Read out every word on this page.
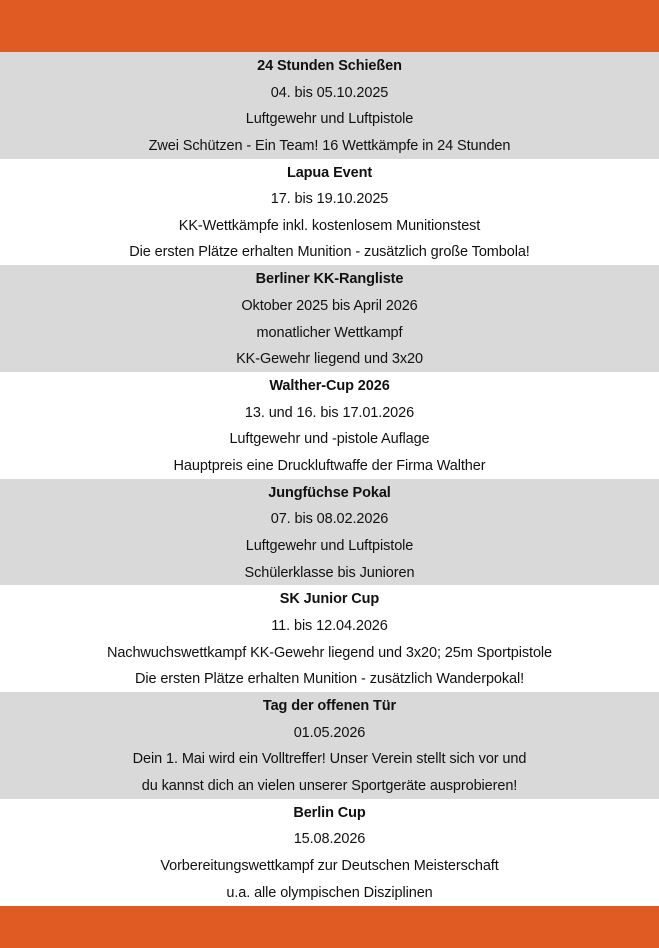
24 Stunden Schießen
04. bis 05.10.2025
Luftgewehr und Luftpistole
Zwei Schützen - Ein Team! 16 Wettkämpfe in 24 Stunden
Lapua Event
17. bis 19.10.2025
KK-Wettkämpfe inkl. kostenlosem Munitionstest
Die ersten Plätze erhalten Munition - zusätzlich große Tombola!
Berliner KK-Rangliste
Oktober 2025 bis April 2026
monatlicher Wettkampf
KK-Gewehr liegend und 3x20
Walther-Cup 2026
13. und 16. bis 17.01.2026
Luftgewehr und -pistole Auflage
Hauptpreis eine Druckluftwaffe der Firma Walther
Jungfüchse Pokal
07. bis 08.02.2026
Luftgewehr und Luftpistole
Schülerklasse bis Junioren
SK Junior Cup
11. bis 12.04.2026
Nachwuchswettkampf KK-Gewehr liegend und 3x20; 25m Sportpistole
Die ersten Plätze erhalten Munition - zusätzlich Wanderpokal!
Tag der offenen Tür
01.05.2026
Dein 1. Mai wird ein Volltreffer! Unser Verein stellt sich vor und
du kannst dich an vielen unserer Sportgeräte ausprobieren!
Berlin Cup
15.08.2026
Vorbereitungswettkampf zur Deutschen Meisterschaft
u.a. alle olympischen Disziplinen
